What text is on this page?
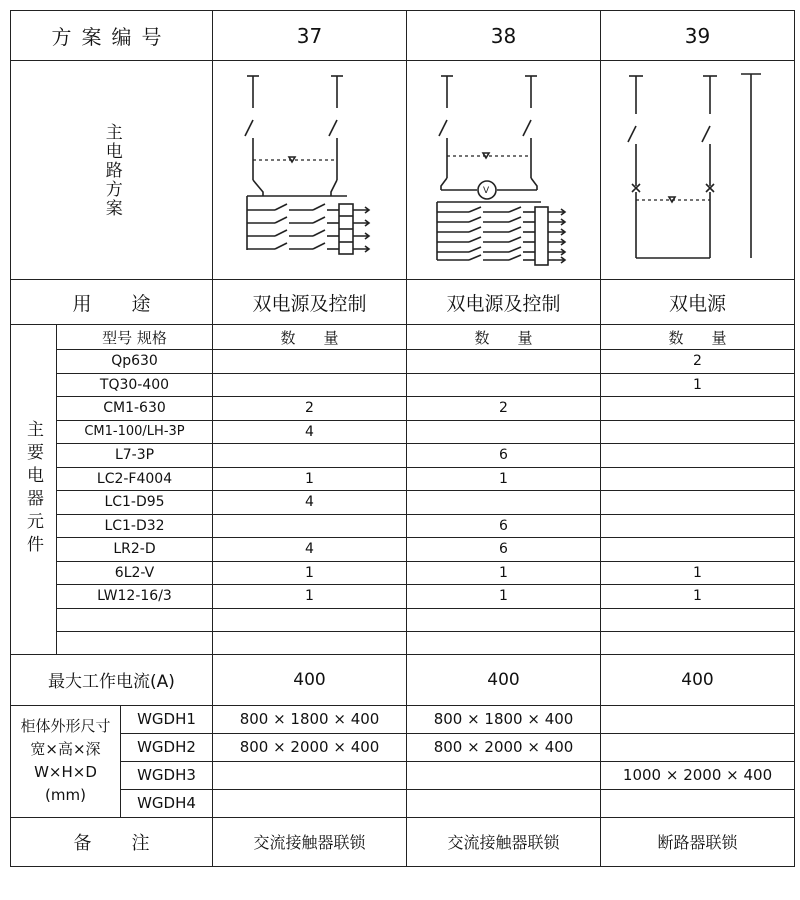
方案编号			37	38	39

主电路方案				V

用途			双电源及控制	双电源及控制	双电源

主要电器元件	型号 规格		数量	数量	数量
	Qp630				2
	TQ30-400				1
	CM1-630		2	2	
	CM1-100/LH-3P		4		
	L7-3P			6	
	LC2-F4004		1	1	
	LC1-D95		4		
	LC1-D32			6	
	LR2-D		4	6	
	6L2-V		1	1	1
	LW12-16/3		1	1	1

最大工作电流(A)			400	400	400

柜体外形尺寸
宽×高×深
W×H×D
(mm)		WGDH1	800 × 1800 × 400	800 × 1800 × 400	
		WGDH2	800 × 2000 × 400	800 × 2000 × 400	
		WGDH3			1000 × 2000 × 400
		WGDH4			
备注			交流接触器联锁	交流接触器联锁	断路器联锁
